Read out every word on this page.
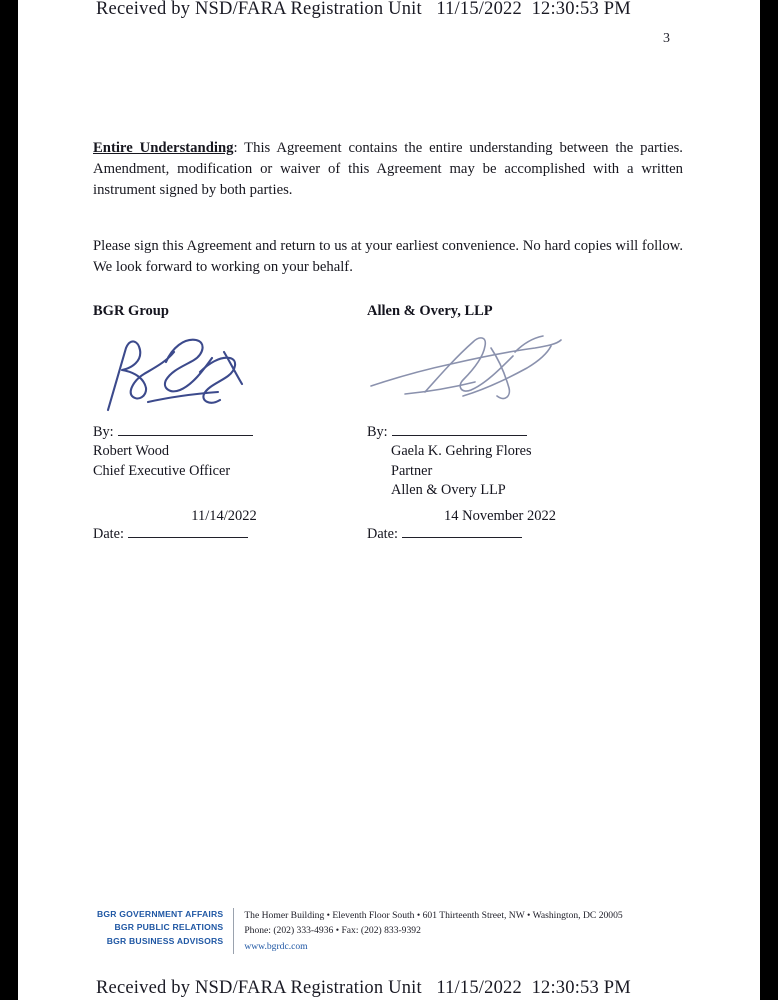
Received by NSD/FARA Registration Unit   11/15/2022  12:30:53 PM
3
Entire Understanding: This Agreement contains the entire understanding between the parties. Amendment, modification or waiver of this Agreement may be accomplished with a written instrument signed by both parties.
Please sign this Agreement and return to us at your earliest convenience. No hard copies will follow. We look forward to working on your behalf.
BGR Group	Allen & Overy, LLP
By:
Robert Wood
Chief Executive Officer
By:
Gaela K. Gehring Flores
Partner
Allen & Overy LLP
11/14/2022
Date:
14 November 2022
Date:
BGR GOVERNMENT AFFAIRS
BGR PUBLIC RELATIONS
BGR BUSINESS ADVISORS
The Homer Building • Eleventh Floor South • 601 Thirteenth Street, NW • Washington, DC 20005
Phone: (202) 333-4936 • Fax: (202) 833-9392
www.bgrdc.com
Received by NSD/FARA Registration Unit   11/15/2022  12:30:53 PM
